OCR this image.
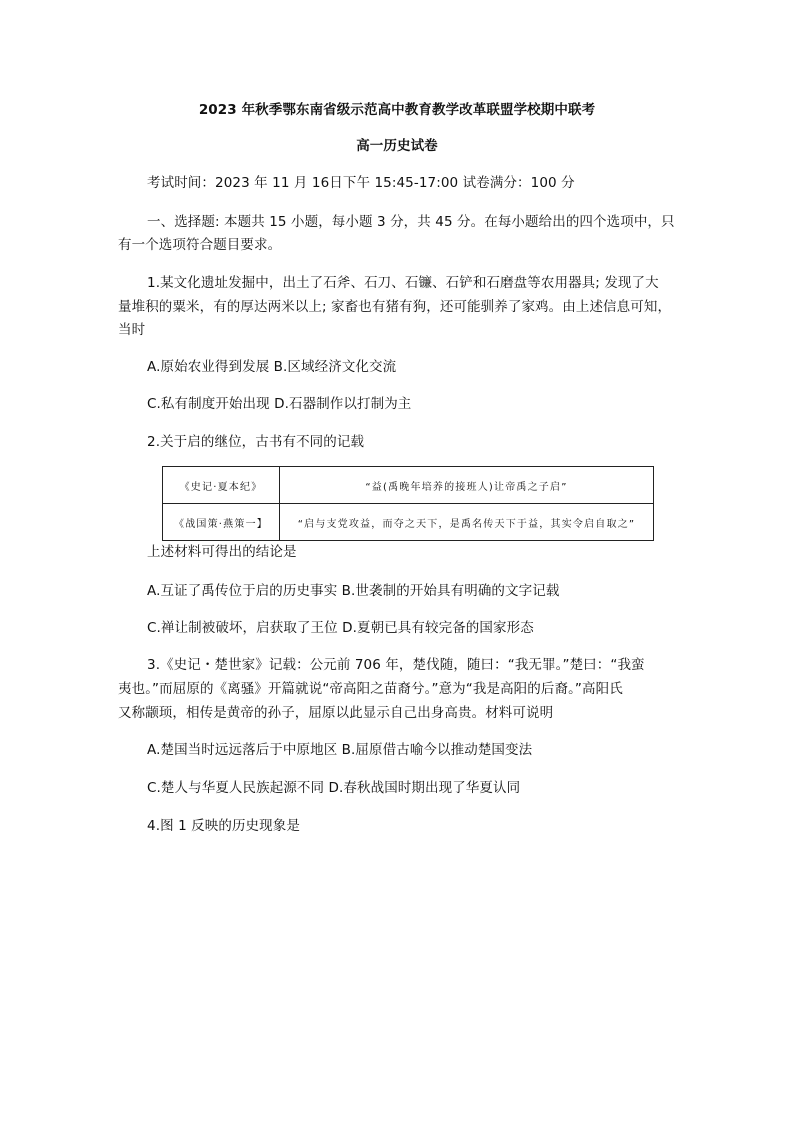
2023 年秋季鄂东南省级示范高中教育教学改革联盟学校期中联考
高一历史试卷
考试时间：2023 年 11 月 16日下午 15:45-17:00 试卷满分：100 分
一、选择题: 本题共 15 小题，每小题 3 分，共 45 分。在每小题给出的四个选项中，只
有一个选项符合题目要求。
1.某文化遗址发掘中，出土了石斧、石刀、石镰、石铲和石磨盘等农用器具; 发现了大
量堆积的粟米，有的厚达两米以上; 家畜也有猪有狗，还可能驯养了家鸡。由上述信息可知，
当时
A.原始农业得到发展 B.区域经济文化交流
C.私有制度开始出现 D.石器制作以打制为主
2.关于启的继位，古书有不同的记载
《史记·夏本纪》	“益(禹晚年培养的接班人)让帝禹之子启”
《战国策·燕策一】	“启与支党攻益，而夺之天下，是禹名传天下于益，其实令启自取之”
上述材料可得出的结论是
A.互证了禹传位于启的历史事实 B.世袭制的开始具有明确的文字记载
C.禅让制被破坏，启获取了王位 D.夏朝已具有较完备的国家形态
3.《史记・楚世家》记载：公元前 706 年，楚伐随，随曰：“我无罪。”楚曰：“我蛮
夷也。”而屈原的《离骚》开篇就说“帝高阳之苗裔兮。”意为“我是高阳的后裔。”高阳氏
又称颛顼，相传是黄帝的孙子，屈原以此显示自己出身高贵。材料可说明
A.楚国当时远远落后于中原地区 B.屈原借古喻今以推动楚国变法
C.楚人与华夏人民族起源不同 D.春秋战国时期出现了华夏认同
4.图 1 反映的历史现象是
